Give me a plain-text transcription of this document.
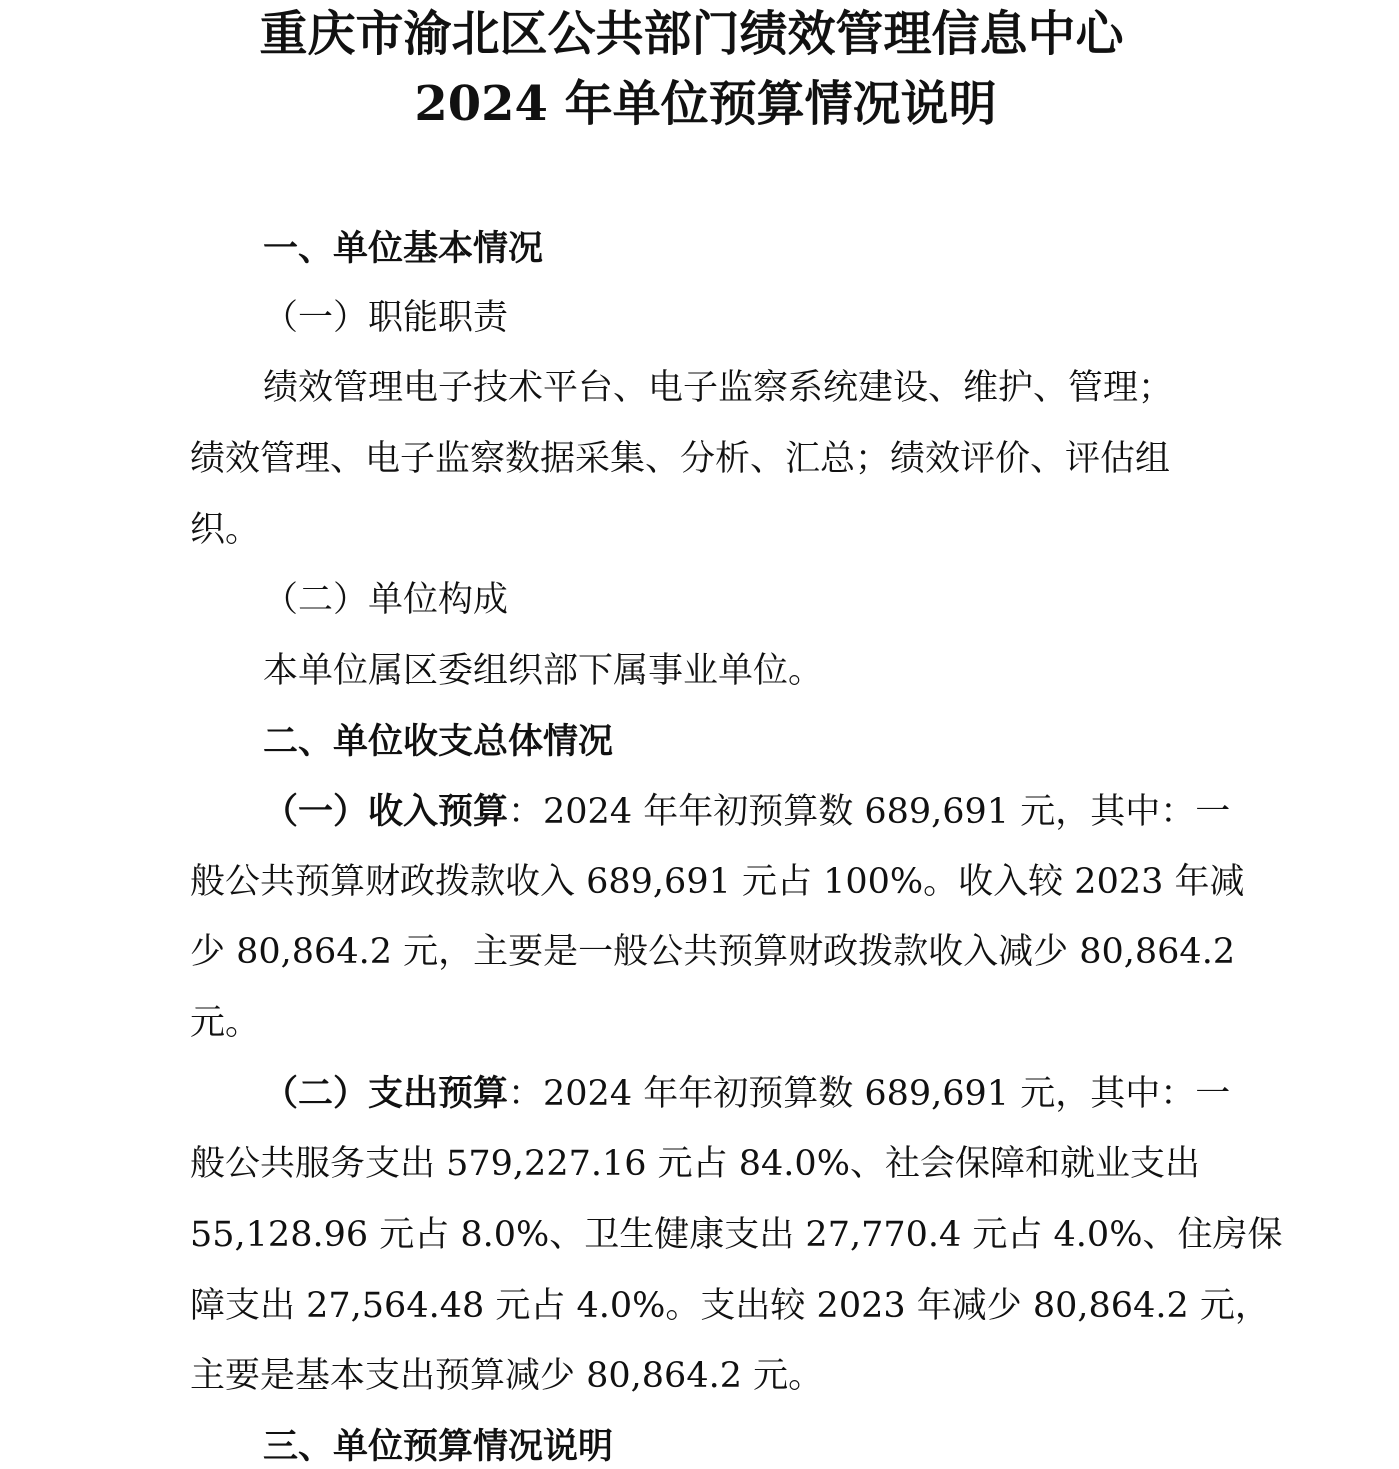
重庆市渝北区公共部门绩效管理信息中心
2024 年单位预算情况说明
一、单位基本情况
（一）职能职责
绩效管理电子技术平台、电子监察系统建设、维护、管理；
绩效管理、电子监察数据采集、分析、汇总；绩效评价、评估组
织。
（二）单位构成
本单位属区委组织部下属事业单位。
二、单位收支总体情况
（一）收入预算：2024 年年初预算数 689,691 元，其中：一
般公共预算财政拨款收入 689,691 元占 100%。收入较 2023 年减
少 80,864.2 元，主要是一般公共预算财政拨款收入减少 80,864.2
元。
（二）支出预算：2024 年年初预算数 689,691 元，其中：一
般公共服务支出 579,227.16 元占 84.0%、社会保障和就业支出
55,128.96 元占 8.0%、卫生健康支出 27,770.4 元占 4.0%、住房保
障支出 27,564.48 元占 4.0%。支出较 2023 年减少 80,864.2 元，
主要是基本支出预算减少 80,864.2 元。
三、单位预算情况说明
